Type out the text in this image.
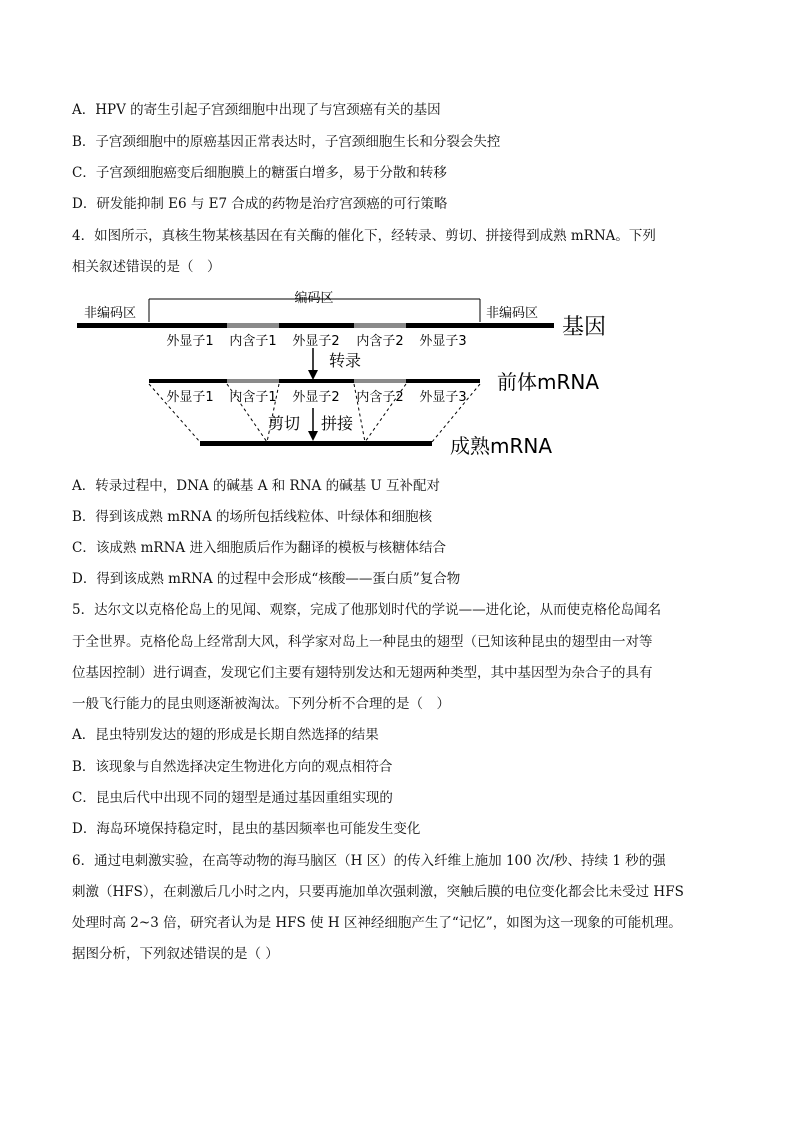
A．HPV 的寄生引起子宫颈细胞中出现了与宫颈癌有关的基因
B．子宫颈细胞中的原癌基因正常表达时，子宫颈细胞生长和分裂会失控
C．子宫颈细胞癌变后细胞膜上的糖蛋白增多，易于分散和转移
D．研发能抑制 E6 与 E7 合成的药物是治疗宫颈癌的可行策略
4．如图所示，真核生物某核基因在有关酶的催化下，经转录、剪切、拼接得到成熟 mRNA。下列
相关叙述错误的是（　）
编码区
非编码区	非编码区
基因
外显子1 内含子1 外显子2 内含子2 外显子3
转录
前体mRNA
外显子1 内含子1 外显子2 内含子2 外显子3
剪切 拼接
成熟mRNA
A．转录过程中，DNA 的碱基 A 和 RNA 的碱基 U 互补配对
B．得到该成熟 mRNA 的场所包括线粒体、叶绿体和细胞核
C．该成熟 mRNA 进入细胞质后作为翻译的模板与核糖体结合
D．得到该成熟 mRNA 的过程中会形成“核酸——蛋白质”复合物
5．达尔文以克格伦岛上的见闻、观察，完成了他那划时代的学说——进化论，从而使克格伦岛闻名
于全世界。克格伦岛上经常刮大风，科学家对岛上一种昆虫的翅型（已知该种昆虫的翅型由一对等
位基因控制）进行调查，发现它们主要有翅特别发达和无翅两种类型，其中基因型为杂合子的具有
一般飞行能力的昆虫则逐渐被淘汰。下列分析不合理的是（　）
A．昆虫特别发达的翅的形成是长期自然选择的结果
B．该现象与自然选择决定生物进化方向的观点相符合
C．昆虫后代中出现不同的翅型是通过基因重组实现的
D．海岛环境保持稳定时，昆虫的基因频率也可能发生变化
6．通过电刺激实验，在高等动物的海马脑区（H 区）的传入纤维上施加 100 次/秒、持续 1 秒的强
刺激（HFS），在刺激后几小时之内，只要再施加单次强刺激，突触后膜的电位变化都会比未受过 HFS
处理时高 2~3 倍，研究者认为是 HFS 使 H 区神经细胞产生了“记忆”，如图为这一现象的可能机理。
据图分析，下列叙述错误的是（ ）
